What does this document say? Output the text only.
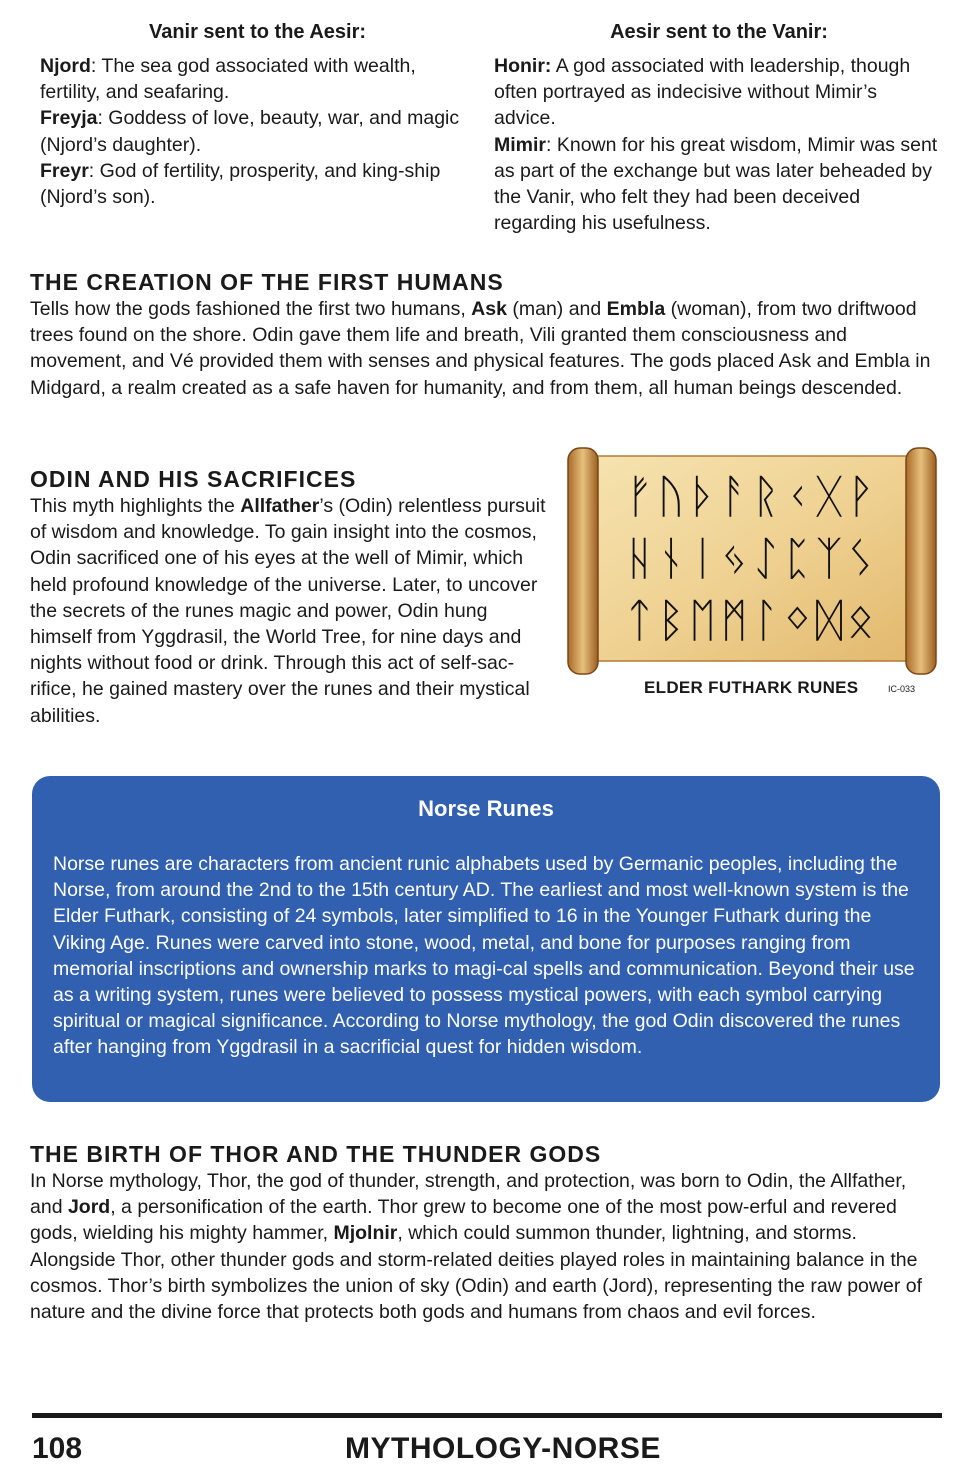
Vanir sent to the Aesir:

Njord: The sea god associated with wealth, fertility, and seafaring.

Freyja: Goddess of love, beauty, war, and magic (Njord’s daughter).

Freyr: God of fertility, prosperity, and king-ship (Njord’s son).

Aesir sent to the Vanir:

Honir: A god associated with leadership, though often portrayed as indecisive without Mimir’s advice.

Mimir: Known for his great wisdom, Mimir was sent as part of the exchange but was later beheaded by the Vanir, who felt they had been deceived regarding his usefulness.

THE CREATION OF THE FIRST HUMANS

Tells how the gods fashioned the first two humans, Ask (man) and Embla (woman), from two driftwood trees found on the shore. Odin gave them life and breath, Vili granted them consciousness and movement, and Vé provided them with senses and physical features. The gods placed Ask and Embla in Midgard, a realm created as a safe haven for humanity, and from them, all human beings descended.

ODIN AND HIS SACRIFICES

This myth highlights the Allfather’s (Odin) relentless pursuit of wisdom and knowledge. To gain insight into the cosmos, Odin sacrificed one of his eyes at the well of Mimir, which held profound knowledge of the universe. Later, to uncover the secrets of the runes magic and power, Odin hung himself from Yggdrasil, the World Tree, for nine days and nights without food or drink. Through this act of self-sac-rifice, he gained mastery over the runes and their mystical abilities.

ᚠᚢᚦᚨᚱᚲᚷᚹ
ᚺᚾᛁᛃᛇᛈᛉᛊ
ᛏᛒᛖᛗᛚᛜᛞᛟ
ELDER FUTHARK RUNES	IC-033

Norse Runes

Norse runes are characters from ancient runic alphabets used by Germanic peoples, including the Norse, from around the 2nd to the 15th century AD. The earliest and most well-known system is the Elder Futhark, consisting of 24 symbols, later simplified to 16 in the Younger Futhark during the Viking Age. Runes were carved into stone, wood, metal, and bone for purposes ranging from memorial inscriptions and ownership marks to magi-cal spells and communication. Beyond their use as a writing system, runes were believed to possess mystical powers, with each symbol carrying spiritual or magical significance. According to Norse mythology, the god Odin discovered the runes after hanging from Yggdrasil in a sacrificial quest for hidden wisdom.

THE BIRTH OF THOR AND THE THUNDER GODS

In Norse mythology, Thor, the god of thunder, strength, and protection, was born to Odin, the Allfather, and Jord, a personification of the earth. Thor grew to become one of the most pow-erful and revered gods, wielding his mighty hammer, Mjolnir, which could summon thunder, lightning, and storms. Alongside Thor, other thunder gods and storm-related deities played roles in maintaining balance in the cosmos. Thor’s birth symbolizes the union of sky (Odin) and earth (Jord), representing the raw power of nature and the divine force that protects both gods and humans from chaos and evil forces.

108	MYTHOLOGY-NORSE
